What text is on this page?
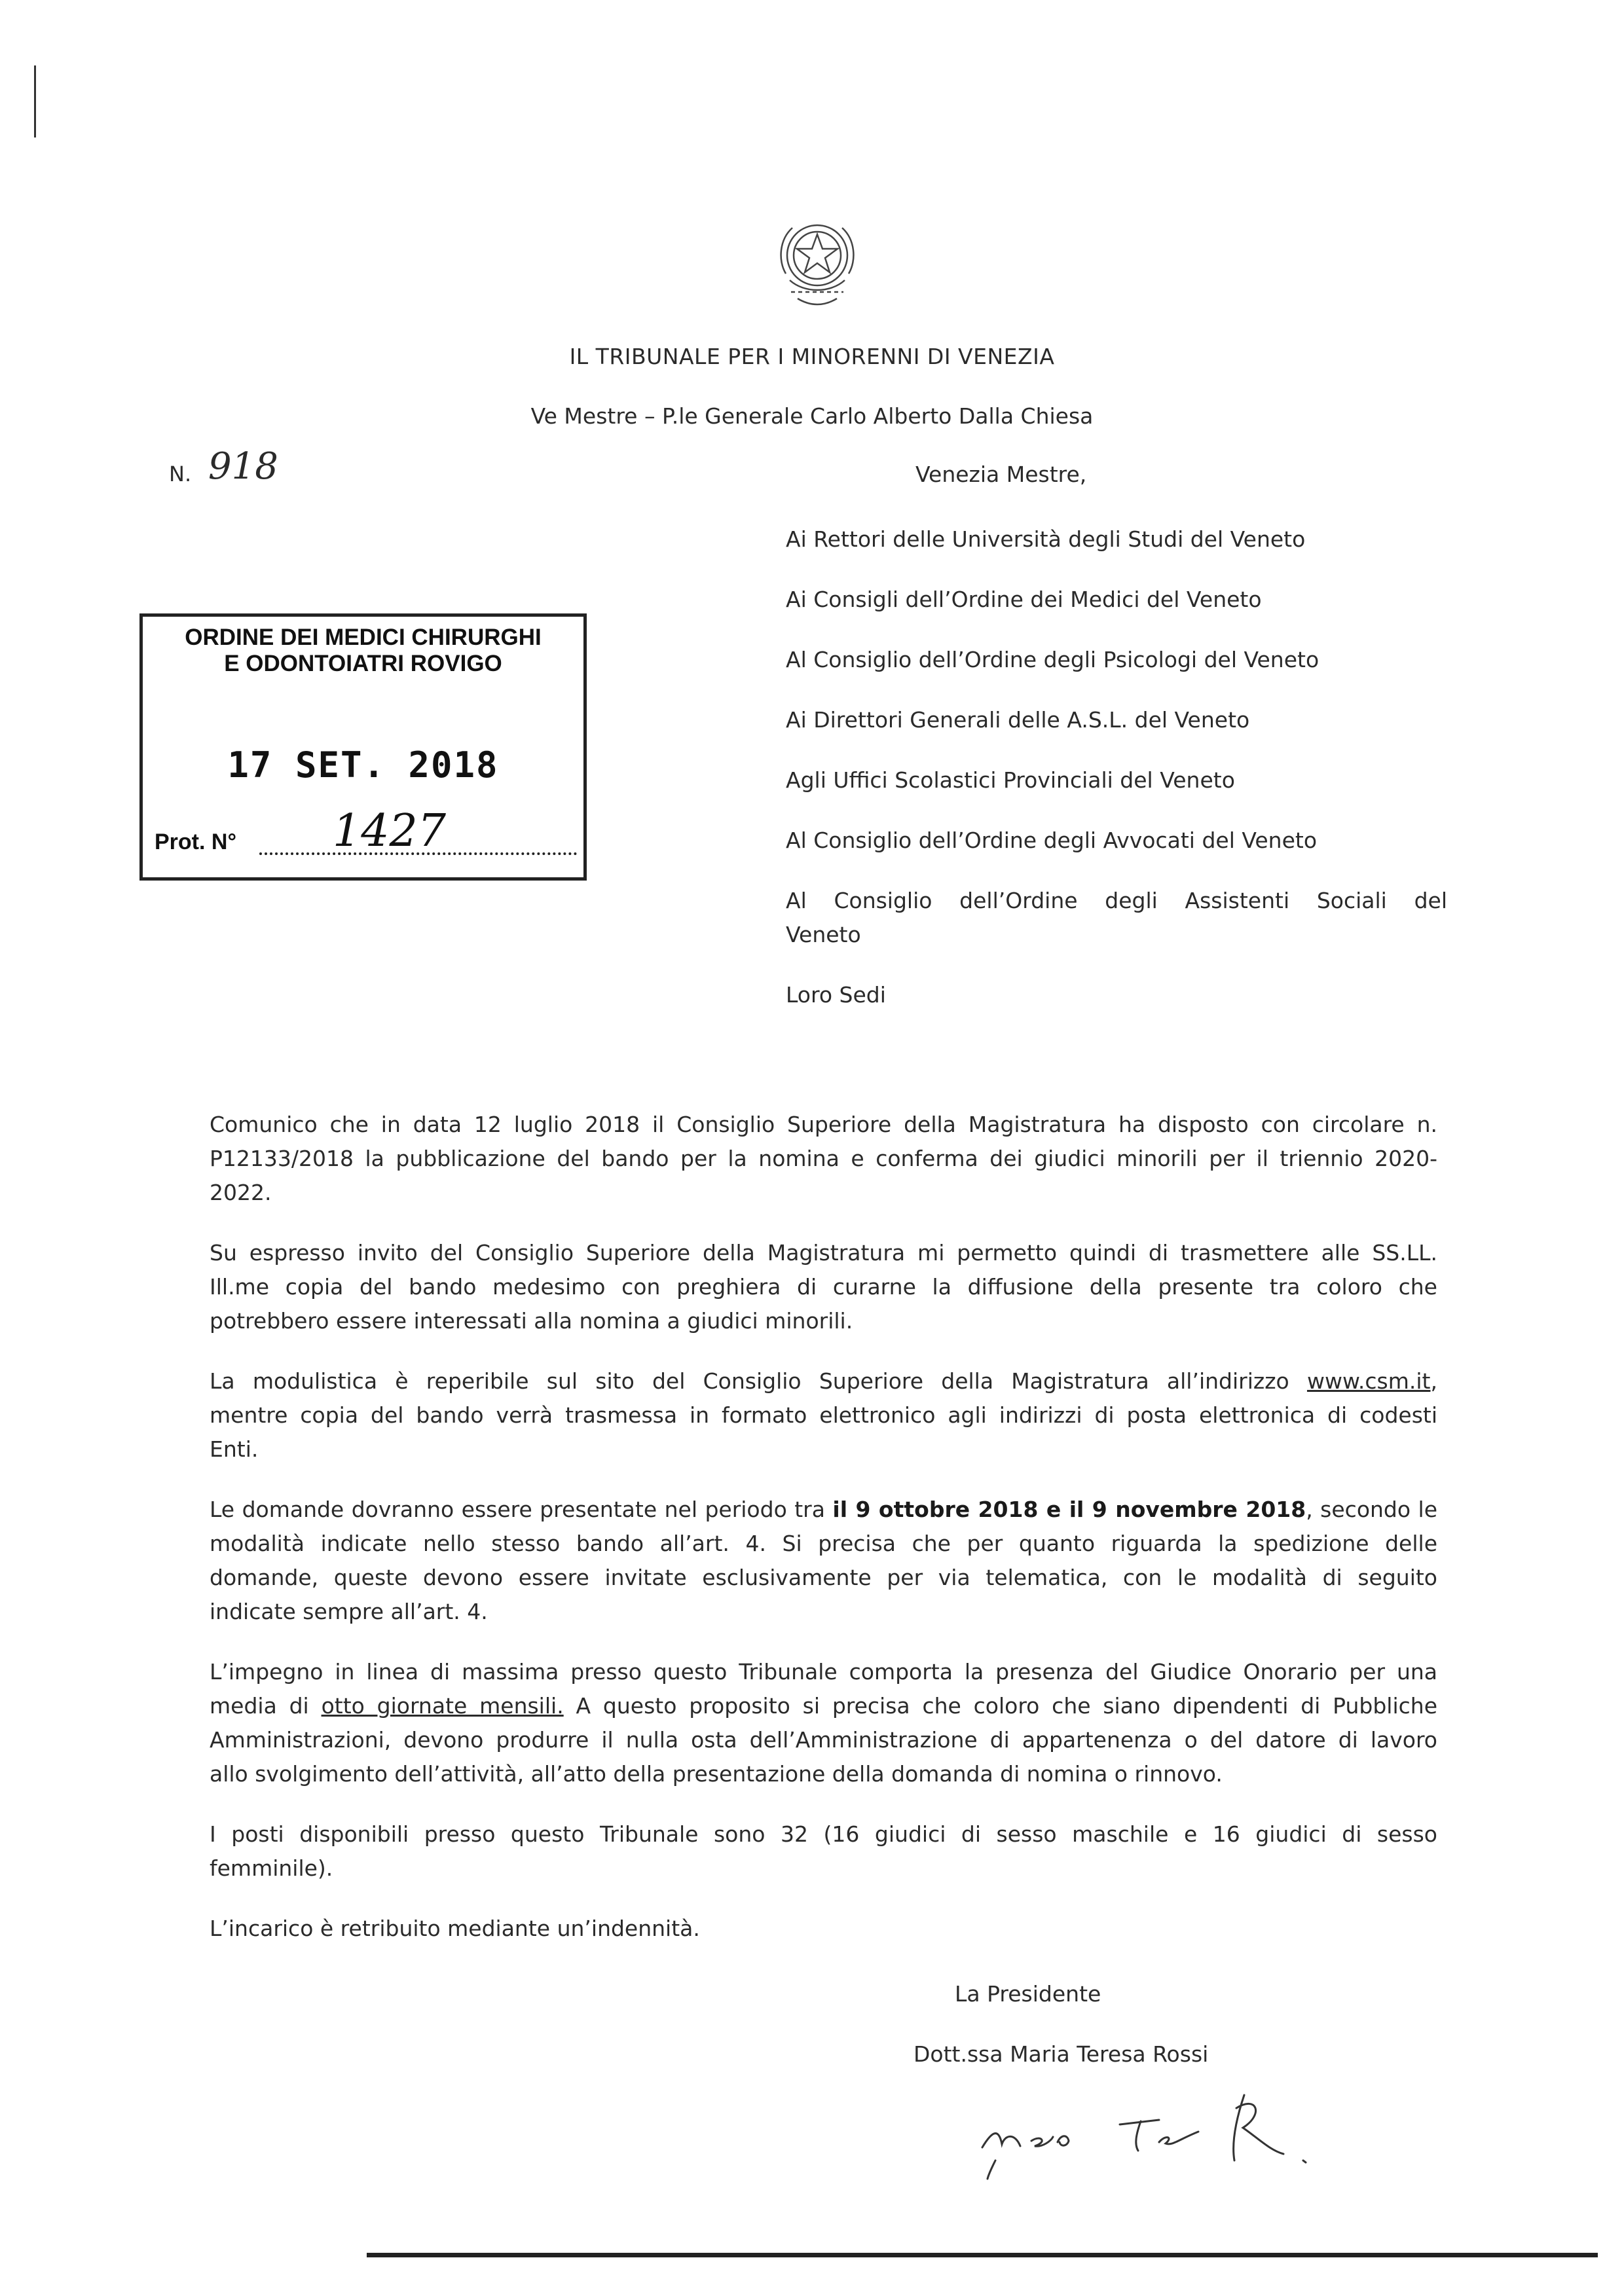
IL TRIBUNALE PER I MINORENNI DI VENEZIA
Ve Mestre – P.le Generale Carlo Alberto Dalla Chiesa
N. 918	Venezia Mestre,
Ai Rettori delle Università degli Studi del Veneto
Ai Consigli dell’Ordine dei Medici del Veneto
Al Consiglio dell’Ordine degli Psicologi del Veneto
Ai Direttori Generali delle A.S.L. del Veneto
Agli Uffici Scolastici Provinciali del Veneto
Al Consiglio dell’Ordine degli Avvocati del Veneto
Al Consiglio dell’Ordine degli Assistenti Sociali del
Veneto
Loro Sedi
ORDINE DEI MEDICI CHIRURGHI
E ODONTOIATRI ROVIGO
17 SET. 2018
Prot. N° 1427
Comunico che in data 12 luglio 2018 il Consiglio Superiore della Magistratura ha disposto con circolare n.
P12133/2018 la pubblicazione del bando per la nomina e conferma dei giudici minorili per il triennio 2020-
2022.
Su espresso invito del Consiglio Superiore della Magistratura mi permetto quindi di trasmettere alle SS.LL.
Ill.me copia del bando medesimo con preghiera di curarne la diffusione della presente tra coloro che
potrebbero essere interessati alla nomina a giudici minorili.
La modulistica è reperibile sul sito del Consiglio Superiore della Magistratura all’indirizzo www.csm.it,
mentre copia del bando verrà trasmessa in formato elettronico agli indirizzi di posta elettronica di codesti
Enti.
Le domande dovranno essere presentate nel periodo tra il 9 ottobre 2018 e il 9 novembre 2018, secondo le
modalità indicate nello stesso bando all’art. 4. Si precisa che per quanto riguarda la spedizione delle
domande, queste devono essere invitate esclusivamente per via telematica, con le modalità di seguito
indicate sempre all’art. 4.
L’impegno in linea di massima presso questo Tribunale comporta la presenza del Giudice Onorario per una
media di otto giornate mensili. A questo proposito si precisa che coloro che siano dipendenti di Pubbliche
Amministrazioni, devono produrre il nulla osta dell’Amministrazione di appartenenza o del datore di lavoro
allo svolgimento dell’attività, all’atto della presentazione della domanda di nomina o rinnovo.
I posti disponibili presso questo Tribunale sono 32 (16 giudici di sesso maschile e 16 giudici di sesso
femminile).
L’incarico è retribuito mediante un’indennità.
La Presidente
Dott.ssa Maria Teresa Rossi
